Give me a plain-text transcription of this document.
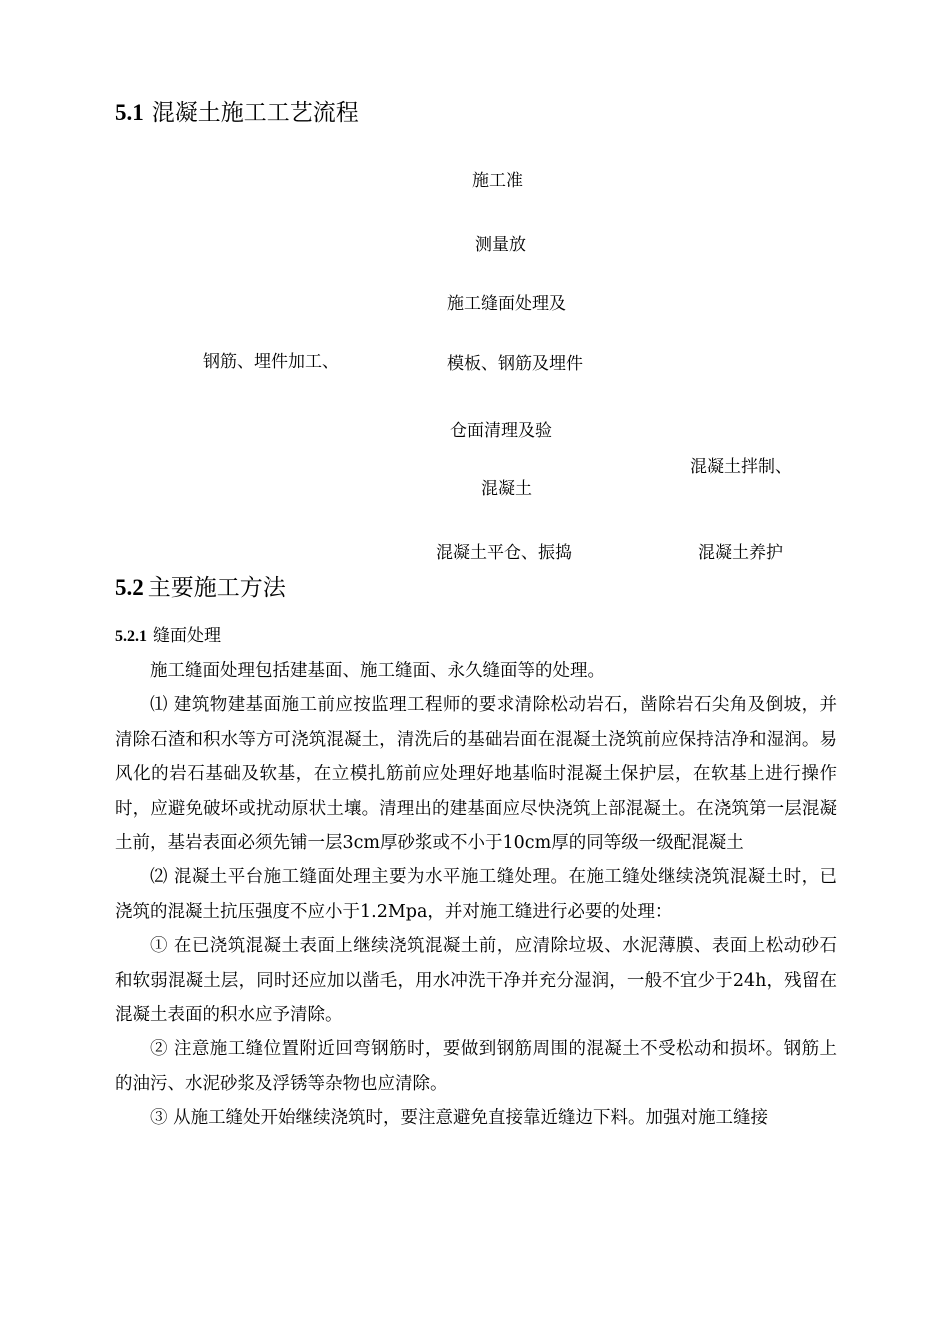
5.1 混凝土施工工艺流程
施工准
测量放
施工缝面处理及
钢筋、埋件加工、	模板、钢筋及埋件
仓面清理及验
混凝土拌制、
混凝土
混凝土平仓、振捣	混凝土养护
5.2 主要施工方法
5.2.1 缝面处理

施工缝面处理包括建基面、施工缝面、永久缝面等的处理。

⑴ 建筑物建基面施工前应按监理工程师的要求清除松动岩石，凿除岩石尖角及倒坡，并清除石渣和积水等方可浇筑混凝土，清洗后的基础岩面在混凝土浇筑前应保持洁净和湿润。易风化的岩石基础及软基，在立模扎筋前应处理好地基临时混凝土保护层，在软基上进行操作时，应避免破坏或扰动原状土壤。清理出的建基面应尽快浇筑上部混凝土。在浇筑第一层混凝土前，基岩表面必须先铺一层3cm厚砂浆或不小于10cm厚的同等级一级配混凝土

⑵ 混凝土平台施工缝面处理主要为水平施工缝处理。在施工缝处继续浇筑混凝土时，已浇筑的混凝土抗压强度不应小于1.2Mpa，并对施工缝进行必要的处理：

① 在已浇筑混凝土表面上继续浇筑混凝土前，应清除垃圾、水泥薄膜、表面上松动砂石和软弱混凝土层，同时还应加以凿毛，用水冲洗干净并充分湿润，一般不宜少于24h，残留在混凝土表面的积水应予清除。

② 注意施工缝位置附近回弯钢筋时，要做到钢筋周围的混凝土不受松动和损坏。钢筋上的油污、水泥砂浆及浮锈等杂物也应清除。

③ 从施工缝处开始继续浇筑时，要注意避免直接靠近缝边下料。加强对施工缝接
